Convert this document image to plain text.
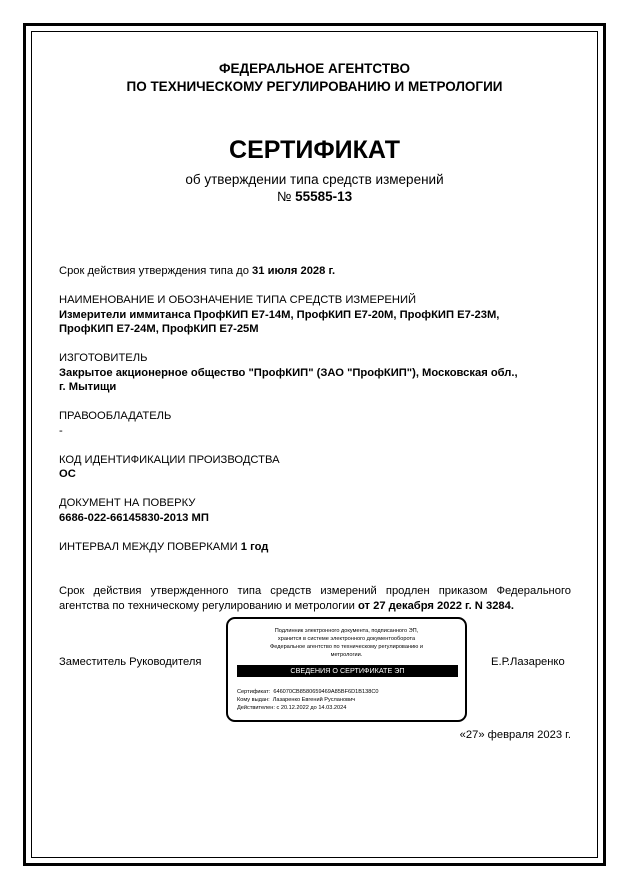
ФЕДЕРАЛЬНОЕ АГЕНТСТВО
ПО ТЕХНИЧЕСКОМУ РЕГУЛИРОВАНИЮ И МЕТРОЛОГИИ
СЕРТИФИКАТ
об утверждении типа средств измерений
№ 55585-13
Срок действия утверждения типа до 31 июля 2028 г.
НАИМЕНОВАНИЕ И ОБОЗНАЧЕНИЕ ТИПА СРЕДСТВ ИЗМЕРЕНИЙ
Измерители иммитанса ПрофКИП Е7-14М, ПрофКИП Е7-20М, ПрофКИП Е7-23М,
ПрофКИП Е7-24М, ПрофКИП Е7-25М
ИЗГОТОВИТЕЛЬ
Закрытое акционерное общество "ПрофКИП" (ЗАО "ПрофКИП"), Московская обл.,
г. Мытищи
ПРАВООБЛАДАТЕЛЬ
-
КОД ИДЕНТИФИКАЦИИ ПРОИЗВОДСТВА
ОС
ДОКУМЕНТ НА ПОВЕРКУ
6686-022-66145830-2013 МП
ИНТЕРВАЛ МЕЖДУ ПОВЕРКАМИ 1 год
Срок действия утвержденного типа средств измерений продлен приказом Федерального агентства по техническому регулированию и метрологии от 27 декабря 2022 г. N 3284.
Заместитель Руководителя
Подлинник электронного документа, подписанного ЭП,
хранится в системе электронного документооборота
Федеральное агентство по техническому регулированию и
метрологии.
СВЕДЕНИЯ О СЕРТИФИКАТЕ ЭП
Сертификат: 646070CB8580659469A85BF6D1B138C0
Кому выдан: Лазаренко Евгений Русланович
Действителен: с 20.12.2022 до 14.03.2024
Е.Р.Лазаренко
«27» февраля 2023 г.
